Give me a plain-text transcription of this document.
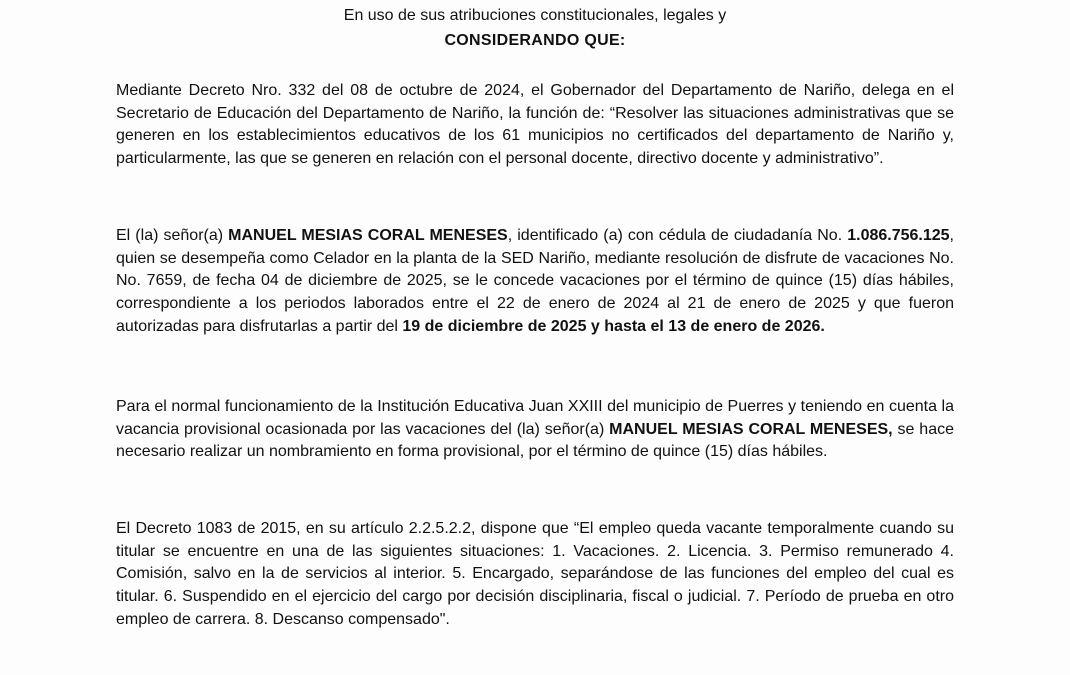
En uso de sus atribuciones constitucionales, legales y
CONSIDERANDO QUE:

Mediante Decreto Nro. 332 del 08 de octubre de 2024, el Gobernador del Departamento de Nariño, delega en el Secretario de Educación del Departamento de Nariño, la función de: “Resolver las situaciones administrativas que se generen en los establecimientos educativos de los 61 municipios no certificados del departamento de Nariño y, particularmente, las que se generen en relación con el personal docente, directivo docente y administrativo”.

El (la) señor(a) MANUEL MESIAS CORAL MENESES, identificado (a) con cédula de ciudadanía No. 1.086.756.125, quien se desempeña como Celador en la planta de la SED Nariño, mediante resolución de disfrute de vacaciones No. No. 7659, de fecha 04 de diciembre de 2025, se le concede vacaciones por el término de quince (15) días hábiles, correspondiente a los periodos laborados entre el 22 de enero de 2024 al 21 de enero de 2025 y que fueron autorizadas para disfrutarlas a partir del 19 de diciembre de 2025 y hasta el 13 de enero de 2026.

Para el normal funcionamiento de la Institución Educativa Juan XXIII del municipio de Puerres y teniendo en cuenta la vacancia provisional ocasionada por las vacaciones del (la) señor(a) MANUEL MESIAS CORAL MENESES, se hace necesario realizar un nombramiento en forma provisional, por el término de quince (15) días hábiles.

El Decreto 1083 de 2015, en su artículo 2.2.5.2.2, dispone que “El empleo queda vacante temporalmente cuando su titular se encuentre en una de las siguientes situaciones: 1. Vacaciones. 2. Licencia. 3. Permiso remunerado 4. Comisión, salvo en la de servicios al interior. 5. Encargado, separándose de las funciones del empleo del cual es titular. 6. Suspendido en el ejercicio del cargo por decisión disciplinaria, fiscal o judicial. 7. Período de prueba en otro empleo de carrera. 8. Descanso compensado".
